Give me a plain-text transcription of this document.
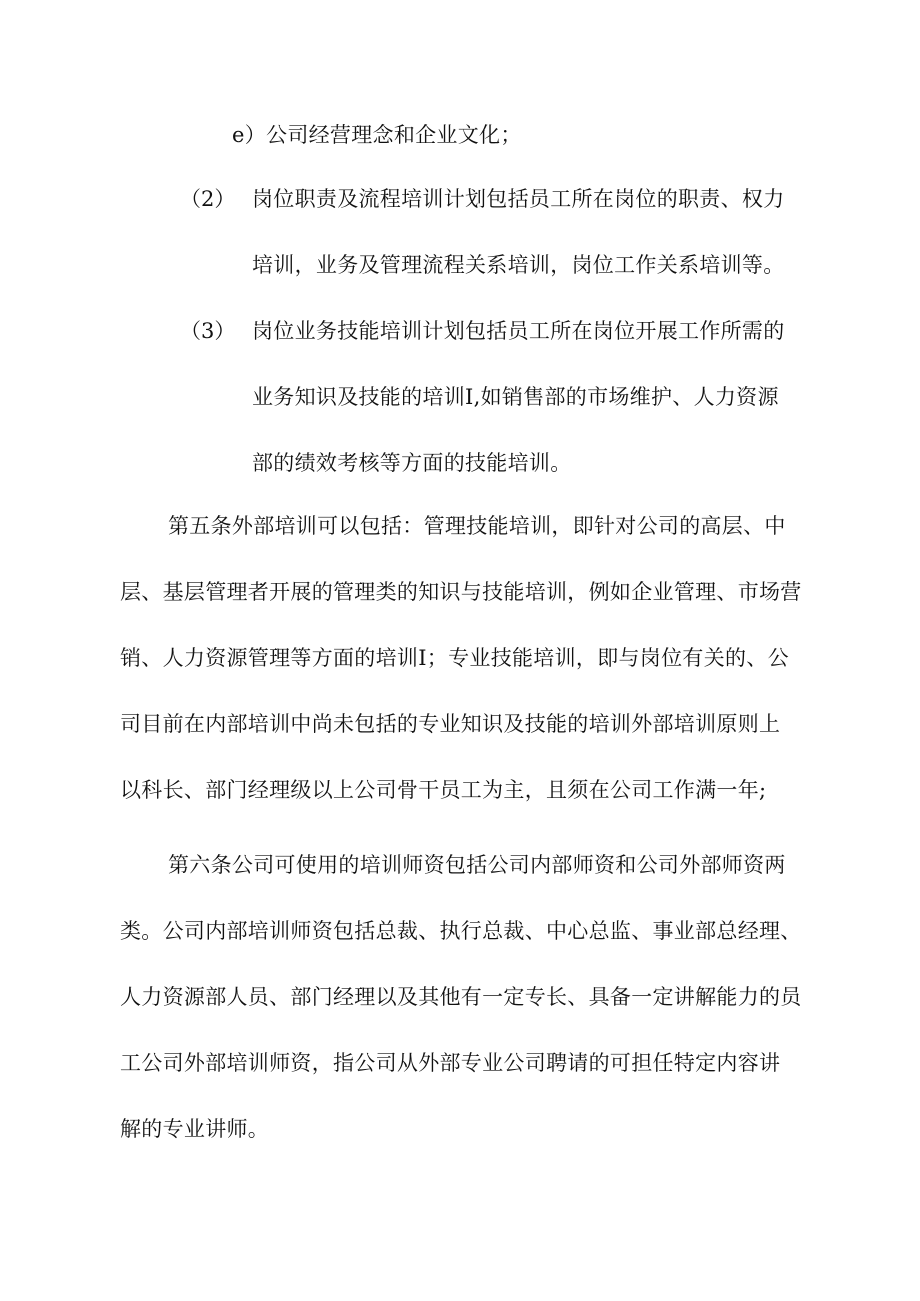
e）公司经营理念和企业文化；
（2） 岗位职责及流程培训计划包括员工所在岗位的职责、权力
培训，业务及管理流程关系培训，岗位工作关系培训等。
（3） 岗位业务技能培训计划包括员工所在岗位开展工作所需的
业务知识及技能的培训Ⅰ,如销售部的市场维护、人力资源
部的绩效考核等方面的技能培训。
第五条外部培训可以包括：管理技能培训，即针对公司的高层、中
层、基层管理者开展的管理类的知识与技能培训，例如企业管理、市场营
销、人力资源管理等方面的培训Ⅰ；专业技能培训，即与岗位有关的、公
司目前在内部培训中尚未包括的专业知识及技能的培训外部培训原则上
以科长、部门经理级以上公司骨干员工为主，且须在公司工作满一年;
第六条公司可使用的培训师资包括公司内部师资和公司外部师资两
类。公司内部培训师资包括总裁、执行总裁、中心总监、事业部总经理、
人力资源部人员、部门经理以及其他有一定专长、具备一定讲解能力的员
工公司外部培训师资，指公司从外部专业公司聘请的可担任特定内容讲
解的专业讲师。
